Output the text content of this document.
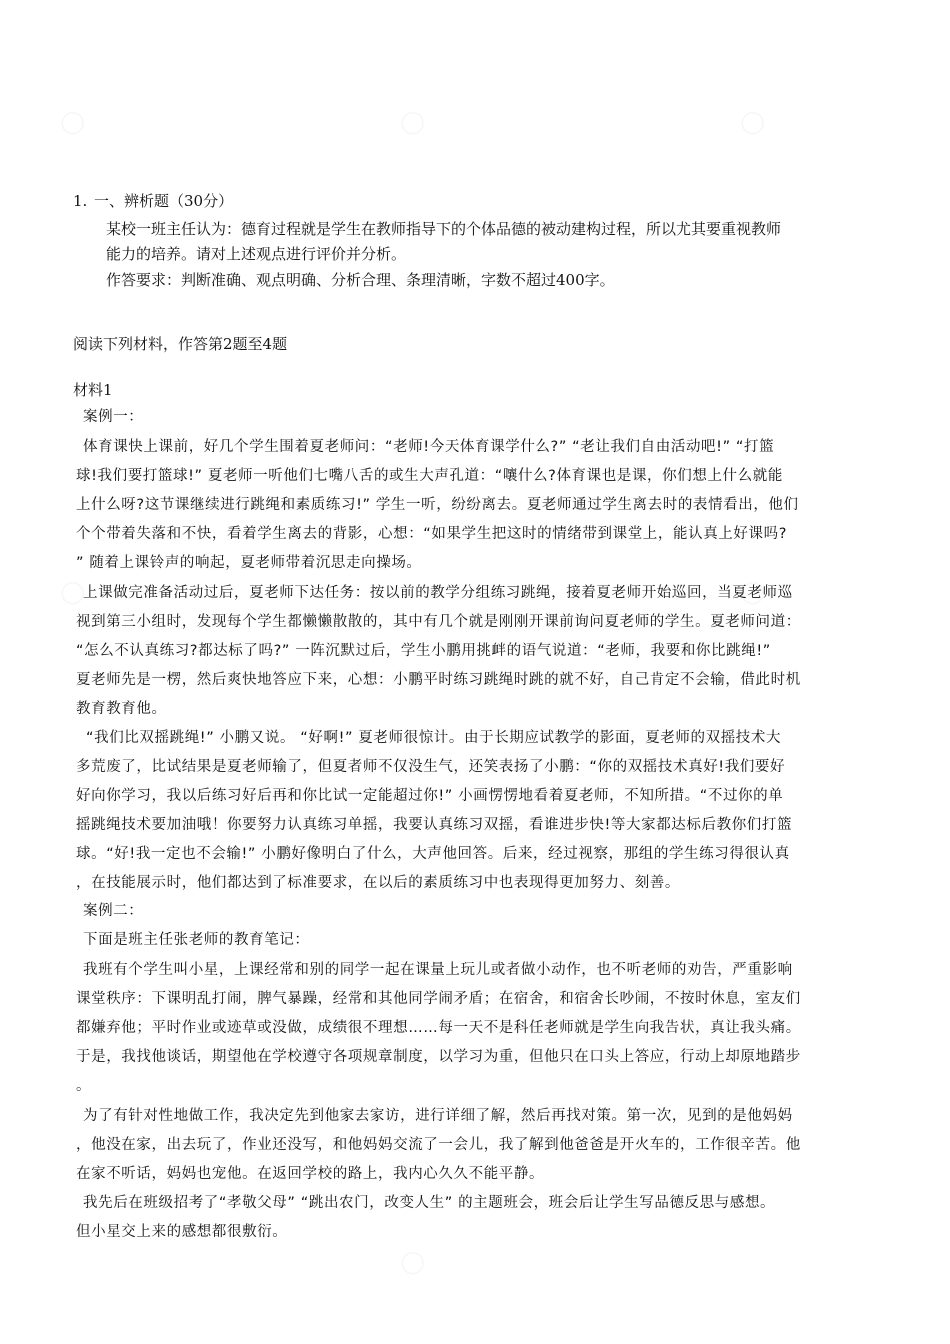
1. 一、辨析题（30分）
某校一班主任认为：德育过程就是学生在教师指导下的个体品德的被动建构过程，所以尤其要重视教师
能力的培养。请对上述观点进行评价并分析。
作答要求：判断准确、观点明确、分析合理、条理清晰，字数不超过400字。
阅读下列材料，作答第2题至4题
材料1
案例一：
体育课快上课前，好几个学生围着夏老师问：“老师!今天体育课学什么?” “老让我们自由活动吧!” “打篮
球!我们要打篮球!” 夏老师一听他们七嘴八舌的或生大声孔道：“嚷什么?体育课也是课，你们想上什么就能
上什么呀?这节课继续进行跳绳和素质练习!” 学生一听，纷纷离去。夏老师通过学生离去时的表情看出，他们
个个带着失落和不快，看着学生离去的背影，心想：“如果学生把这时的情绪带到课堂上，能认真上好课吗?
” 随着上课铃声的响起，夏老师带着沉思走向操场。
上课做完准备活动过后，夏老师下达任务：按以前的教学分组练习跳绳，接着夏老师开始巡回，当夏老师巡
视到第三小组时，发现每个学生都懒懒散散的，其中有几个就是刚刚开课前询问夏老师的学生。夏老师问道：
“怎么不认真练习?都达标了吗?” 一阵沉默过后，学生小鹏用挑衅的语气说道：“老师，我要和你比跳绳!”
夏老师先是一楞，然后爽快地答应下来，心想：小鹏平时练习跳绳时跳的就不好，自己肯定不会输，借此时机
教育教育他。
“我们比双摇跳绳!” 小鹏又说。 “好啊!” 夏老师很惊计。由于长期应试教学的影面，夏老师的双摇技术大
多荒废了，比试结果是夏老师输了，但夏者师不仅没生气，还笑表扬了小鹏：“你的双摇技术真好!我们要好
好向你学习，我以后练习好后再和你比试一定能超过你!” 小画愣愣地看着夏老师，不知所措。“不过你的单
摇跳绳技术要加油哦！你要努力认真练习单摇，我要认真练习双摇，看谁进步快!等大家都达标后教你们打篮
球。“好!我一定也不会输!” 小鹏好像明白了什么，大声他回答。后来，经过视察，那组的学生练习得很认真
，在技能展示时，他们都达到了标准要求，在以后的素质练习中也表现得更加努力、刻善。
案例二：
下面是班主任张老师的教育笔记：
我班有个学生叫小星，上课经常和别的同学一起在课量上玩儿或者做小动作，也不听老师的劝告，严重影响
课堂秩序：下课明乱打闹，脾气暴躁，经常和其他同学闹矛盾；在宿舍，和宿舍长吵闹，不按时休息，室友们
都嫌弃他；平时作业或迹草或没做，成绩很不理想……每一天不是科任老师就是学生向我告状，真让我头痛。
于是，我找他谈话，期望他在学校遵守各项规章制度，以学习为重，但他只在口头上答应，行动上却原地踏步
。
为了有针对性地做工作，我决定先到他家去家访，进行详细了解，然后再找对策。第一次，见到的是他妈妈
，他没在家，出去玩了，作业还没写，和他妈妈交流了一会儿，我了解到他爸爸是开火车的，工作很辛苦。他
在家不听话，妈妈也宠他。在返回学校的路上，我内心久久不能平静。
我先后在班级招考了“孝敬父母” “跳出农门，改变人生” 的主题班会，班会后让学生写品德反思与感想。
但小星交上来的感想都很敷衍。
